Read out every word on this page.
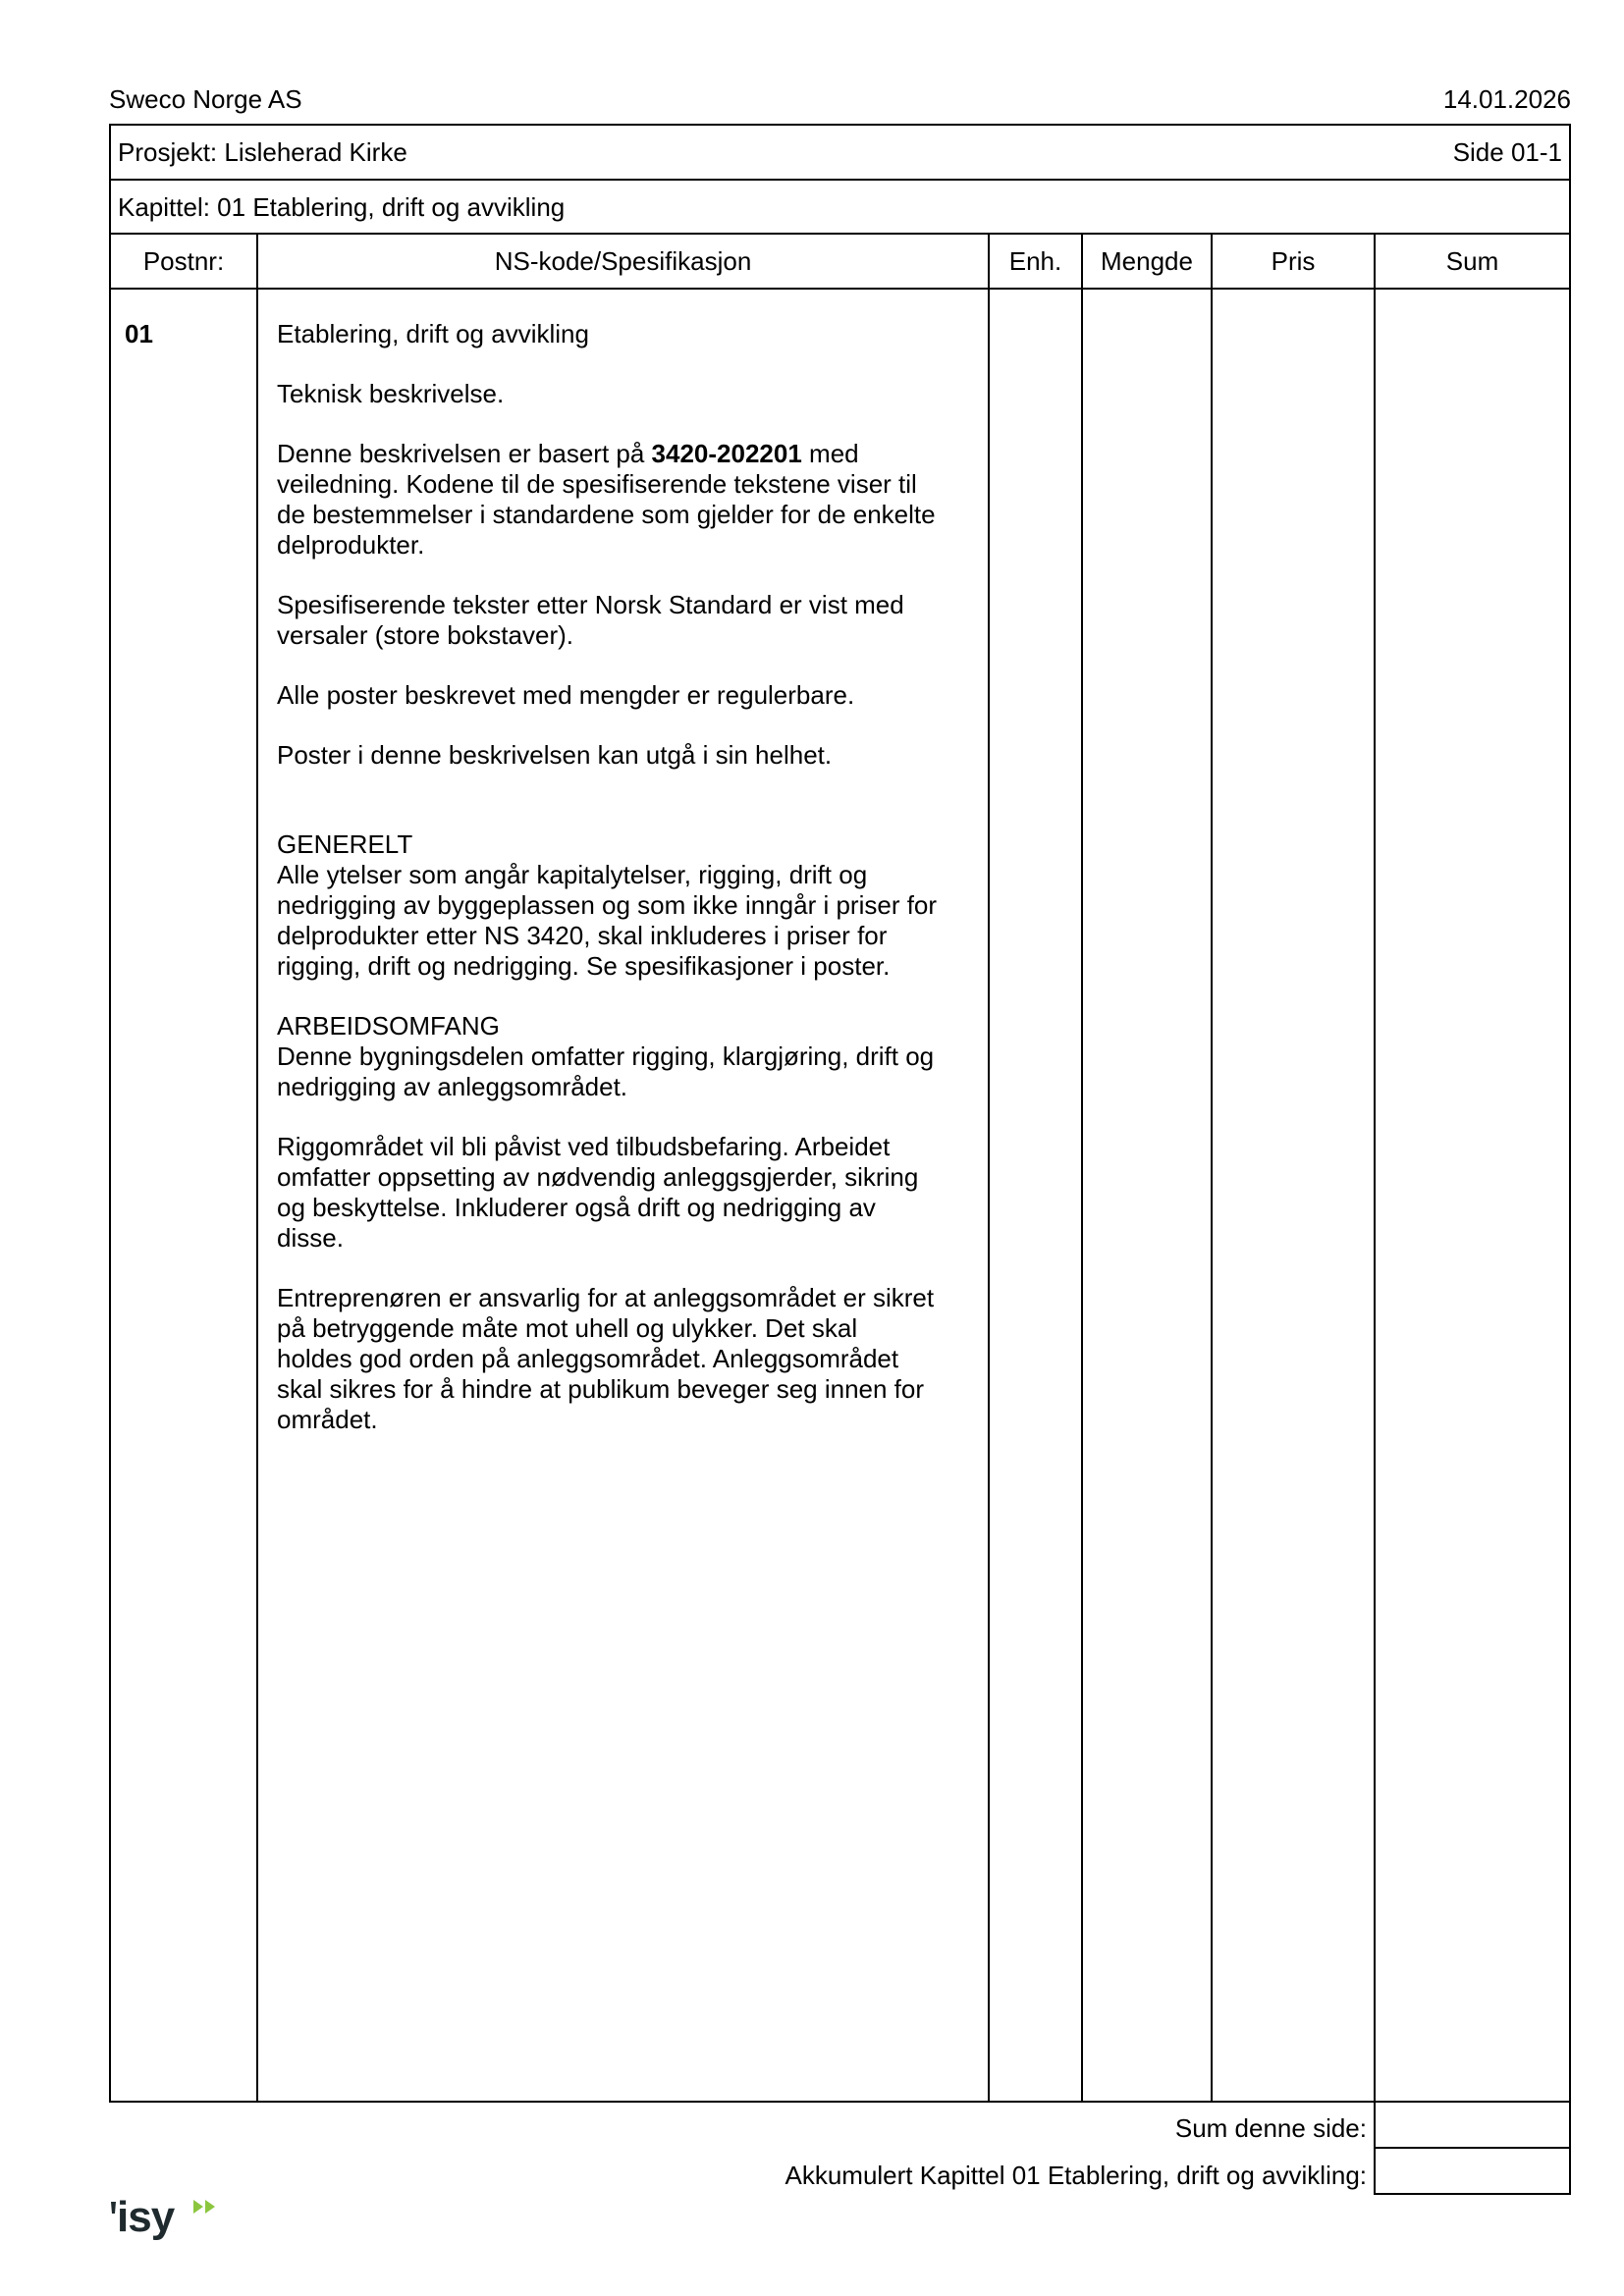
Sweco Norge AS	14.01.2026
Prosjekt: Lisleherad Kirke	Side 01-1
Kapittel: 01 Etablering, drift og avvikling
Postnr:	NS-kode/Spesifikasjon	Enh.	Mengde	Pris	Sum
01	Etablering, drift og avvikling

Teknisk beskrivelse.

Denne beskrivelsen er basert på 3420-202201 med
veiledning. Kodene til de spesifiserende tekstene viser til
de bestemmelser i standardene som gjelder for de enkelte
delprodukter.

Spesifiserende tekster etter Norsk Standard er vist med
versaler (store bokstaver).

Alle poster beskrevet med mengder er regulerbare.

Poster i denne beskrivelsen kan utgå i sin helhet.

GENERELT
Alle ytelser som angår kapitalytelser, rigging, drift og
nedrigging av byggeplassen og som ikke inngår i priser for
delprodukter etter NS 3420, skal inkluderes i priser for
rigging, drift og nedrigging. Se spesifikasjoner i poster.

ARBEIDSOMFANG
Denne bygningsdelen omfatter rigging, klargjøring, drift og
nedrigging av anleggsområdet.

Riggområdet vil bli påvist ved tilbudsbefaring. Arbeidet
omfatter oppsetting av nødvendig anleggsgjerder, sikring
og beskyttelse. Inkluderer også drift og nedrigging av
disse.

Entreprenøren er ansvarlig for at anleggsområdet er sikret
på betryggende måte mot uhell og ulykker. Det skal
holdes god orden på anleggsområdet. Anleggsområdet
skal sikres for å hindre at publikum beveger seg innen for
området.

Sum denne side:
Akkumulert Kapittel 01 Etablering, drift og avvikling:
isy
